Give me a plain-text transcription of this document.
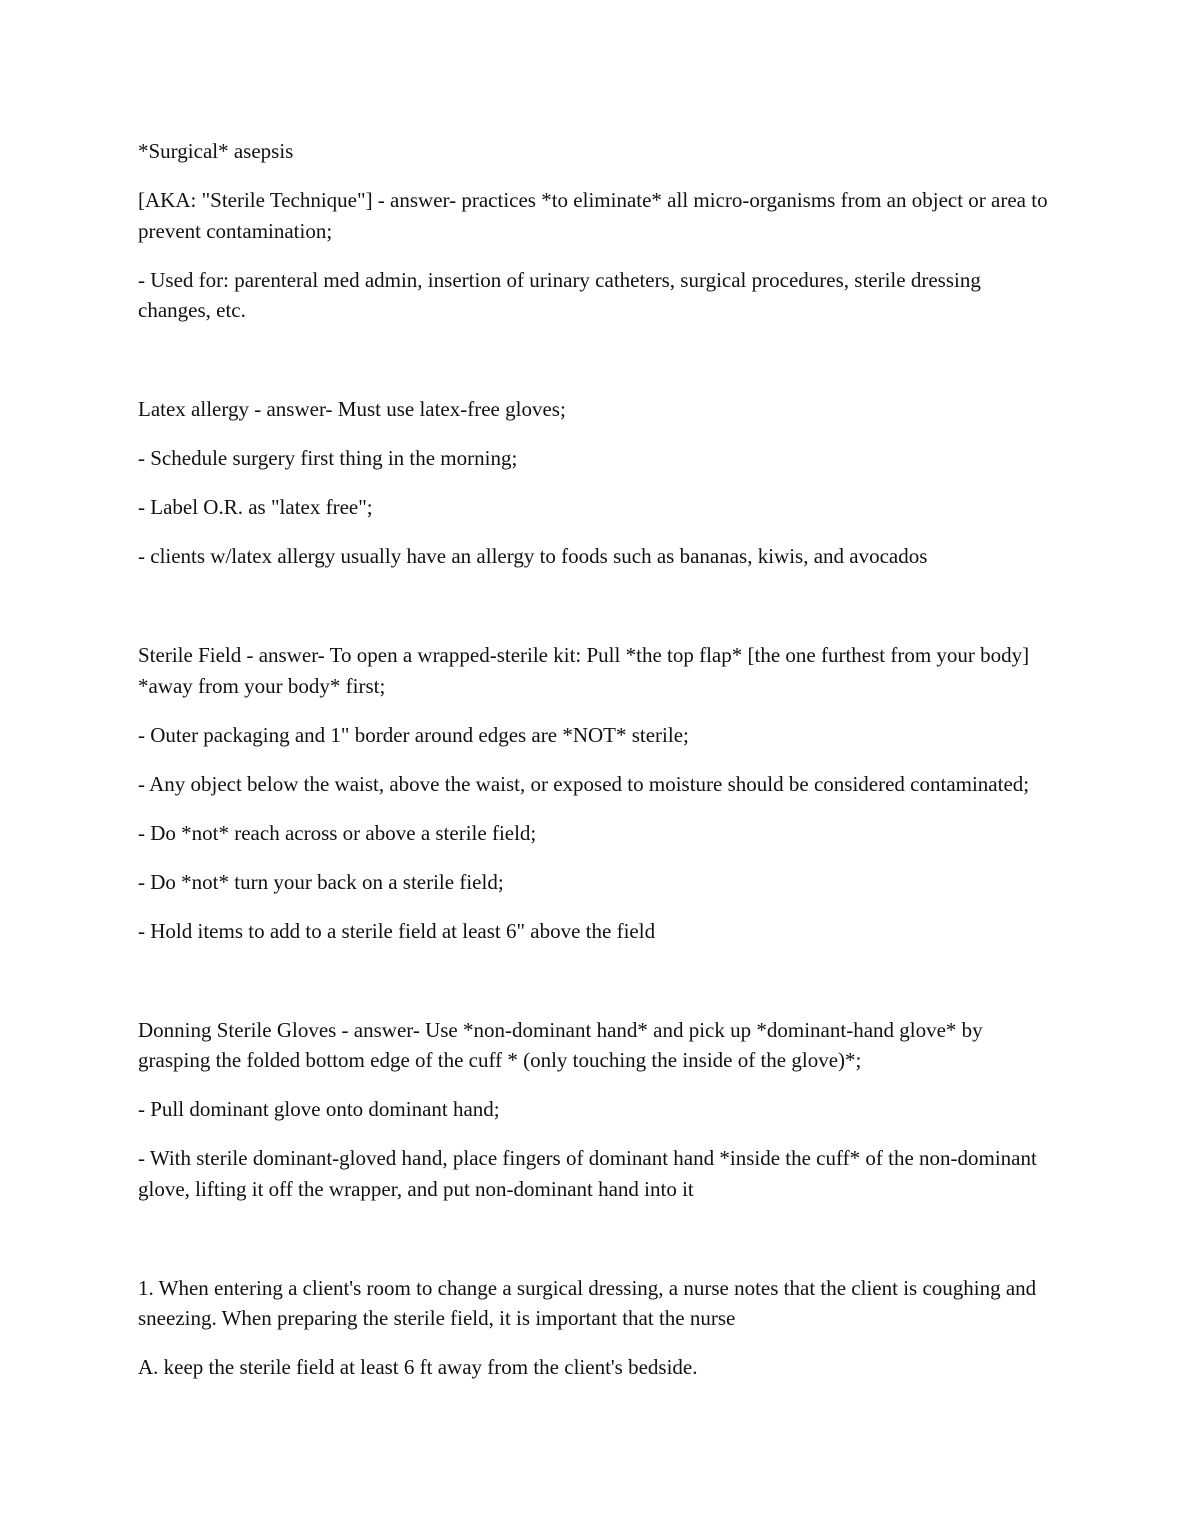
*Surgical* asepsis

[AKA: "Sterile Technique"] - answer- practices *to eliminate* all micro-organisms from an object or area to prevent contamination;

- Used for: parenteral med admin, insertion of urinary catheters, surgical procedures, sterile dressing changes, etc.

Latex allergy - answer- Must use latex-free gloves;

- Schedule surgery first thing in the morning;

- Label O.R. as "latex free";

- clients w/latex allergy usually have an allergy to foods such as bananas, kiwis, and avocados

Sterile Field - answer- To open a wrapped-sterile kit: Pull *the top flap* [the one furthest from your body] *away from your body* first;

- Outer packaging and 1" border around edges are *NOT* sterile;

- Any object below the waist, above the waist, or exposed to moisture should be considered contaminated;

- Do *not* reach across or above a sterile field;

- Do *not* turn your back on a sterile field;

- Hold items to add to a sterile field at least 6" above the field

Donning Sterile Gloves - answer- Use *non-dominant hand* and pick up *dominant-hand glove* by grasping the folded bottom edge of the cuff * (only touching the inside of the glove)*;

- Pull dominant glove onto dominant hand;

- With sterile dominant-gloved hand, place fingers of dominant hand *inside the cuff* of the non-dominant glove, lifting it off the wrapper, and put non-dominant hand into it

1. When entering a client's room to change a surgical dressing, a nurse notes that the client is coughing and sneezing. When preparing the sterile field, it is important that the nurse

A. keep the sterile field at least 6 ft away from the client's bedside.
